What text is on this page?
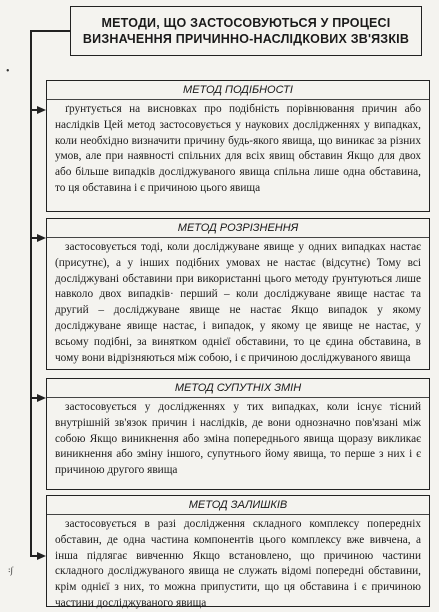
МЕТОДИ, ЩО ЗАСТОСОВУЮТЬСЯ У ПРОЦЕСІ ВИЗНАЧЕННЯ ПРИЧИННО-НАСЛІДКОВИХ ЗВ'ЯЗКІВ
•
꞉∫
МЕТОД ПОДІБНОСТІ
ґрунтується на висновках про подібність порівнювання причин або наслідків Цей метод застосовується у наукових дослідженнях у випадках, коли необхідно визначити причину будь-якого явища, що виникає за різних умов, але при наявності спільних для всіх явищ обставин Якщо для двох або більше випадків досліджуваного явища спільна лише одна обставина, то ця обставина і є причиною цього явища
МЕТОД РОЗРІЗНЕННЯ
застосовується тоді, коли досліджуване явище у одних випадках настає (присутнє), а у інших подібних умовах не настає (відсутнє) Тому всі досліджувані обставини при використанні цього методу ґрунтуються лише навколо двох випадків· перший – коли досліджуване явище настає та другий – досліджуване явище не настає Якщо випадок у якому досліджуване явище настає, і випадок, у якому це явище не настає, у всьому подібні, за винятком однієї обставини, то це єдина обставина, в чому вони відрізняються між собою, і є причиною досліджуваного явища
МЕТОД СУПУТНІХ ЗМІН
застосовується у дослідженнях у тих випадках, коли існує тісний внутрішній зв'язок причин і наслідків, де вони однозначно пов'язані між собою Якщо виникнення або зміна попереднього явища щоразу викликає виникнення або зміну іншого, супутнього йому явища, то перше з них і є причиною другого явища
МЕТОД ЗАЛИШКІВ
застосовується в разі дослідження складного комплексу попередніх обставин, де одна частина компонентів цього комплексу вже вивчена, а інша підлягає вивченню Якщо встановлено, що причиною частини складного досліджуваного явища не служать відомі попередні обставини, крім однієї з них, то можна припустити, що ця обставина і є причиною частини досліджуваного явища
